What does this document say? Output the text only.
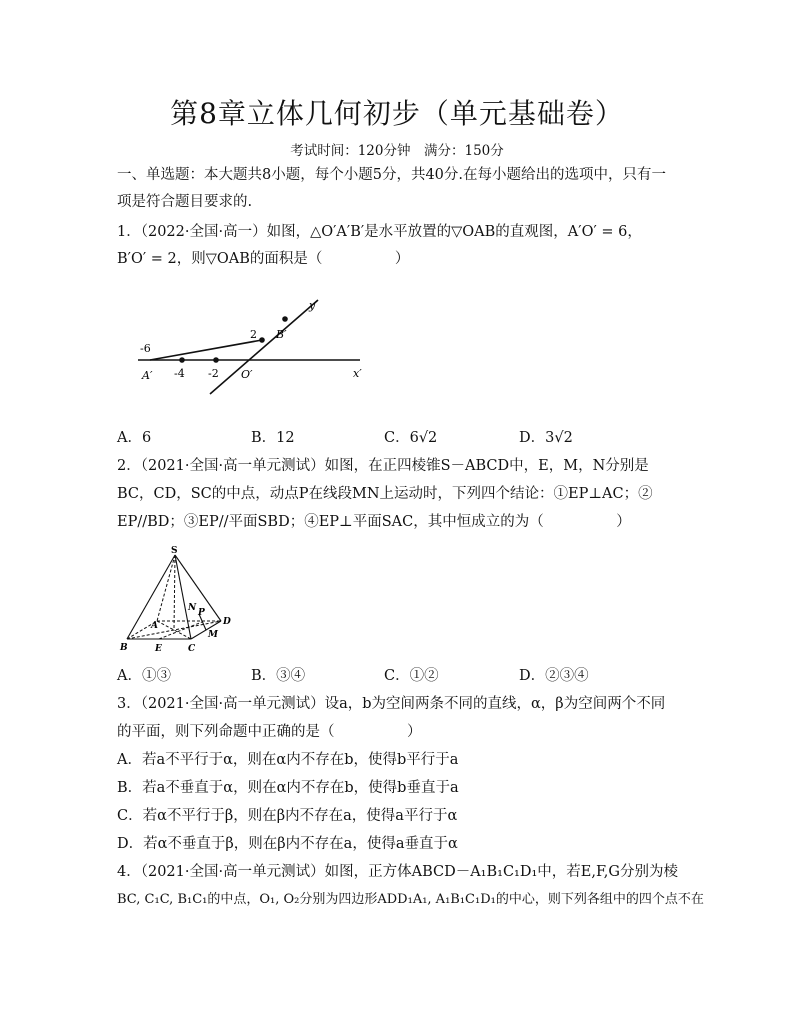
第8章立体几何初步（单元基础卷）
考试时间：120分钟　满分：150分
一、单选题：本大题共8小题，每个小题5分，共40分.在每小题给出的选项中，只有一
项是符合题目要求的.
1．（2022·全国·高一）如图，△O′A′B′是水平放置的▽OAB的直观图，A′O′ = 6，
B′O′ = 2，则▽OAB的面积是（　　　　　）
-6
-4 -2
2
A′	O′
B′
x′
y′
A．6	B．12	C．6√2	D．3√2
2．（2021·全国·高一单元测试）如图，在正四棱锥S－ABCD中，E，M，N分别是
BC，CD，SC的中点，动点P在线段MN上运动时，下列四个结论：①EP⊥AC；②
EP//BD；③EP//平面SBD；④EP⊥平面SAC，其中恒成立的为（　　　　　）
S
N P
D
A
M
B	E	C
A．①③	B．③④	C．①②	D．②③④
3．（2021·全国·高一单元测试）设a，b为空间两条不同的直线，α，β为空间两个不同
的平面，则下列命题中正确的是（　　　　　）
A．若a不平行于α，则在α内不存在b，使得b平行于a
B．若a不垂直于α，则在α内不存在b，使得b垂直于a
C．若α不平行于β，则在β内不存在a，使得a平行于α
D．若α不垂直于β，则在β内不存在a，使得a垂直于α
4．（2021·全国·高一单元测试）如图，正方体ABCD－A₁B₁C₁D₁中，若E,F,G分别为棱
BC, C₁C, B₁C₁的中点，O₁, O₂分别为四边形ADD₁A₁, A₁B₁C₁D₁的中心，则下列各组中的四个点不在
